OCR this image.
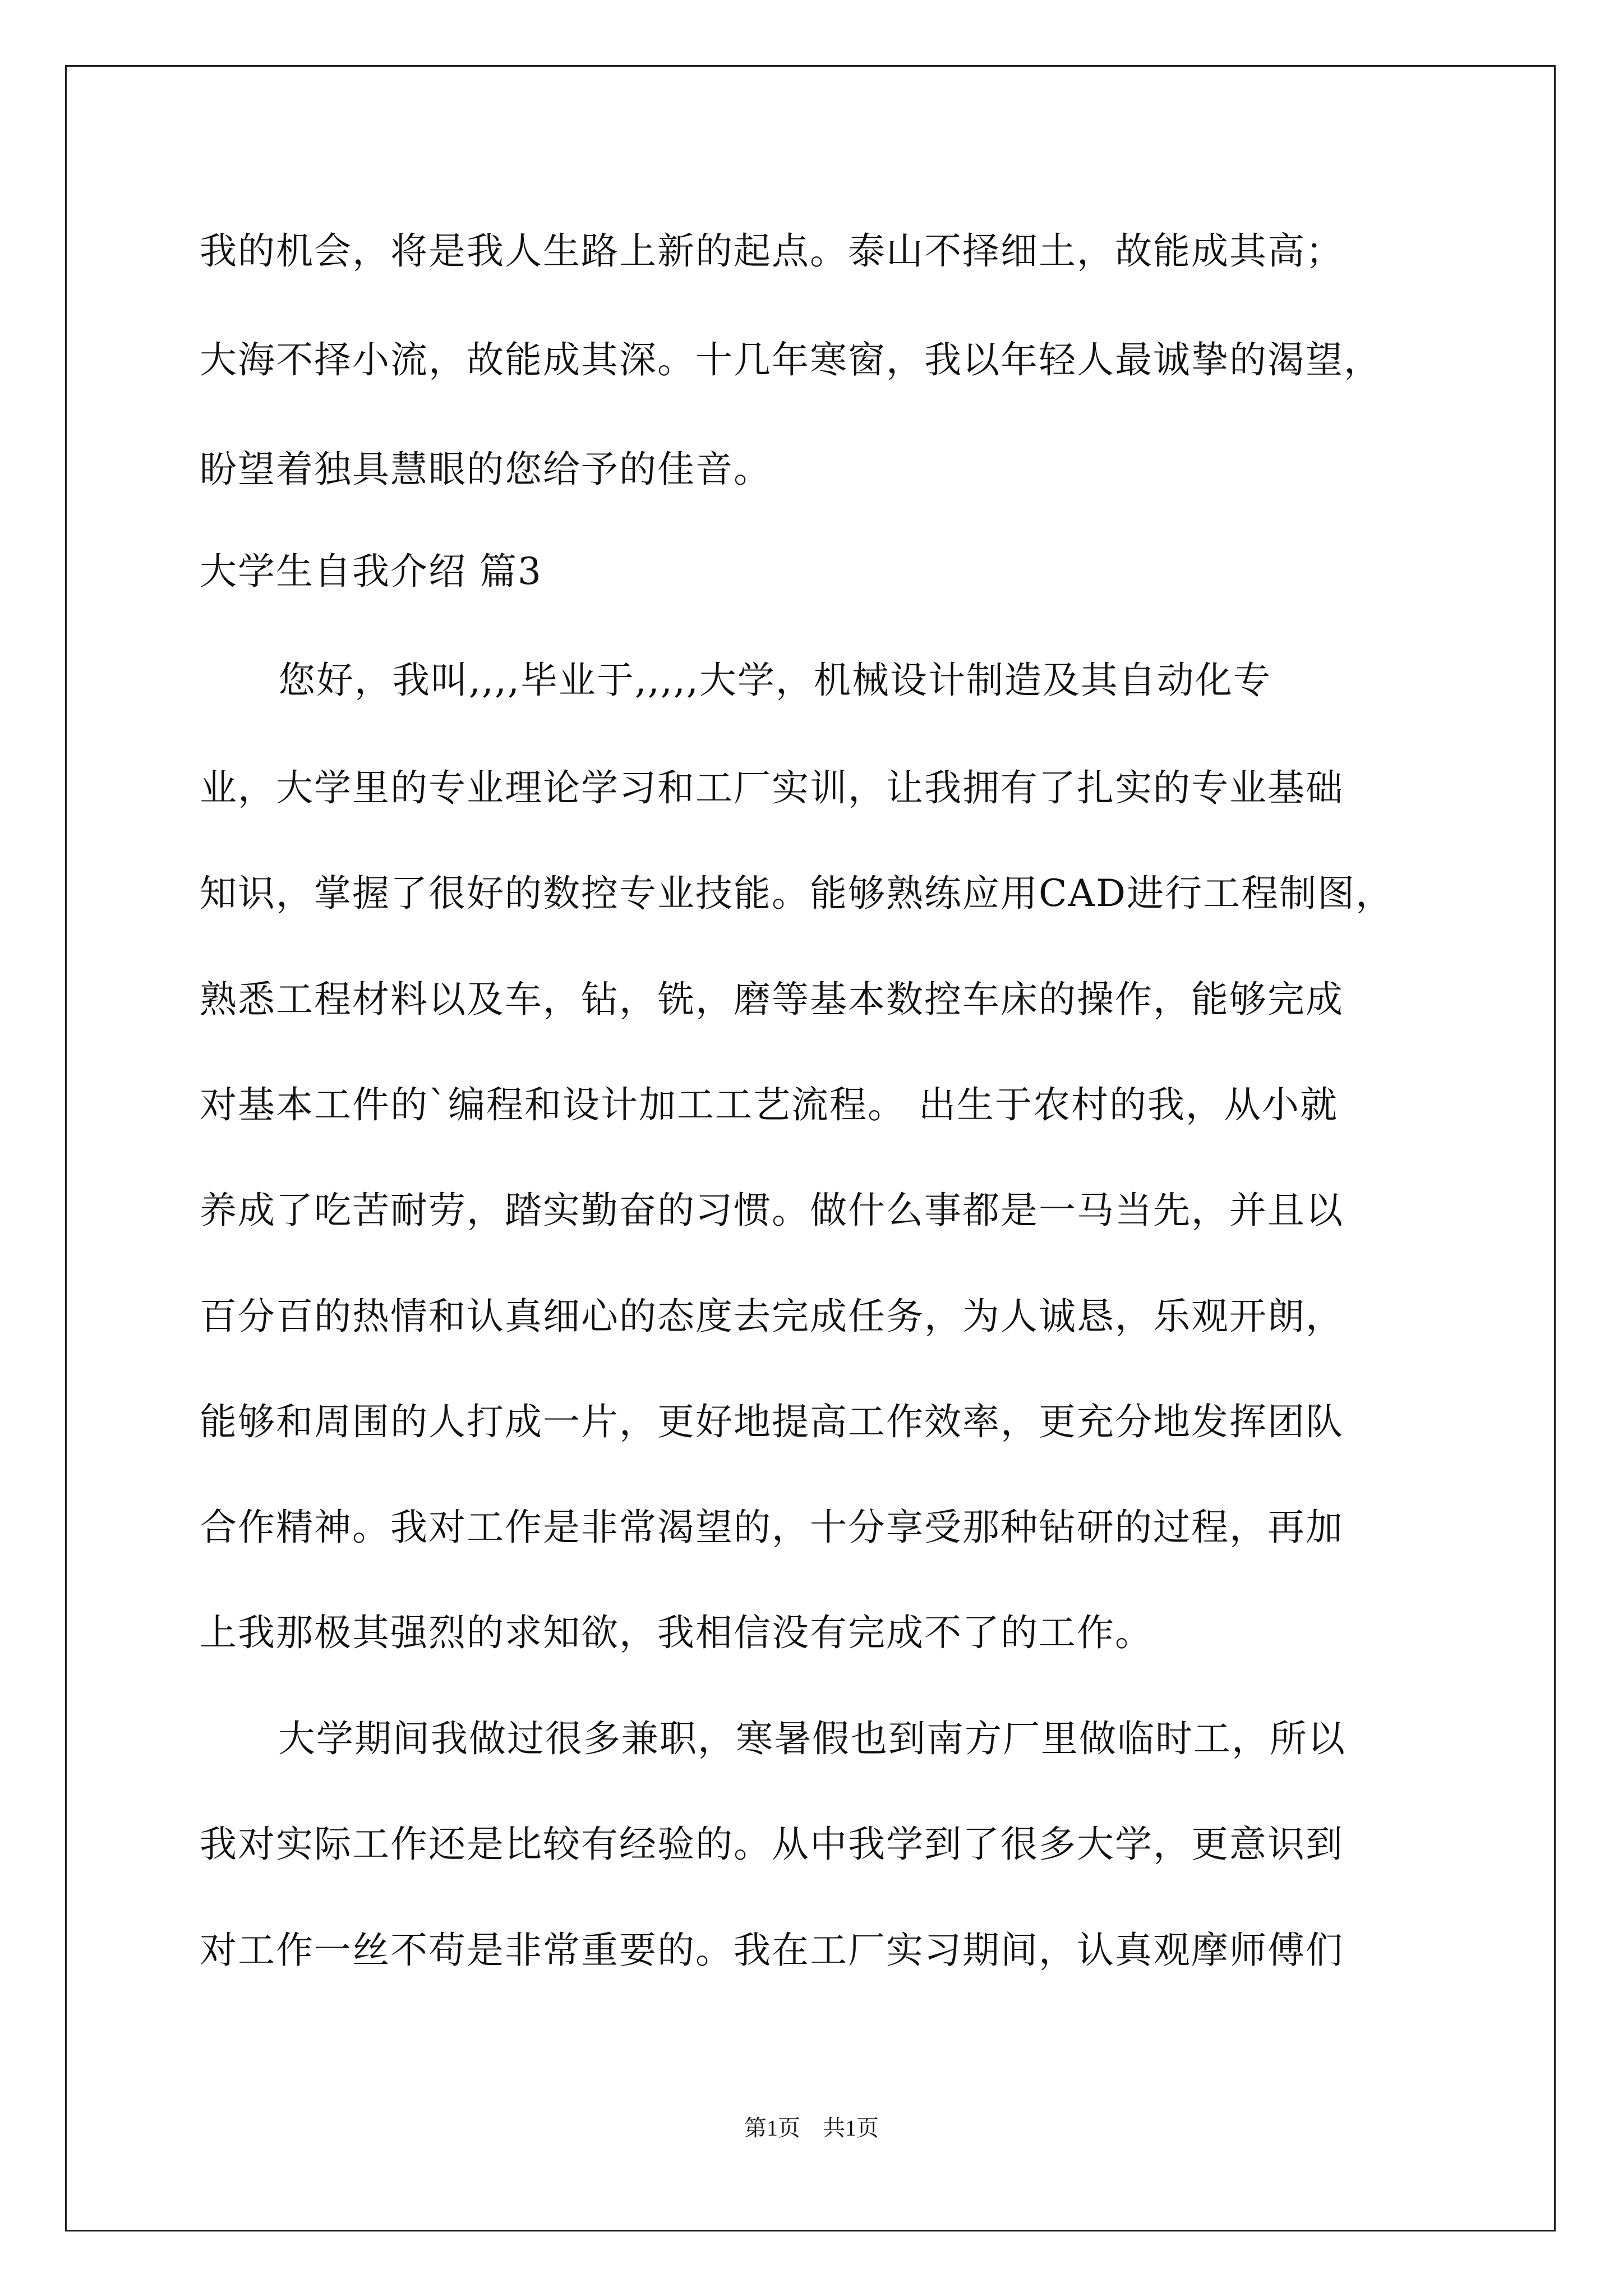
我的机会，将是我人生路上新的起点。泰山不择细土，故能成其高；
大海不择小流，故能成其深。十几年寒窗，我以年轻人最诚挚的渴望，
盼望着独具慧眼的您给予的佳音。
大学生自我介绍 篇3
您好，我叫,,,,毕业于,,,,,大学，机械设计制造及其自动化专
业，大学里的专业理论学习和工厂实训，让我拥有了扎实的专业基础
知识，掌握了很好的数控专业技能。能够熟练应用CAD进行工程制图，
熟悉工程材料以及车，钻，铣，磨等基本数控车床的操作，能够完成
对基本工件的`编程和设计加工工艺流程。 出生于农村的我，从小就
养成了吃苦耐劳，踏实勤奋的习惯。做什么事都是一马当先，并且以
百分百的热情和认真细心的态度去完成任务，为人诚恳，乐观开朗，
能够和周围的人打成一片，更好地提高工作效率，更充分地发挥团队
合作精神。我对工作是非常渴望的，十分享受那种钻研的过程，再加
上我那极其强烈的求知欲，我相信没有完成不了的工作。
大学期间我做过很多兼职，寒暑假也到南方厂里做临时工，所以
我对实际工作还是比较有经验的。从中我学到了很多大学，更意识到
对工作一丝不苟是非常重要的。我在工厂实习期间，认真观摩师傅们
第1页　共1页
